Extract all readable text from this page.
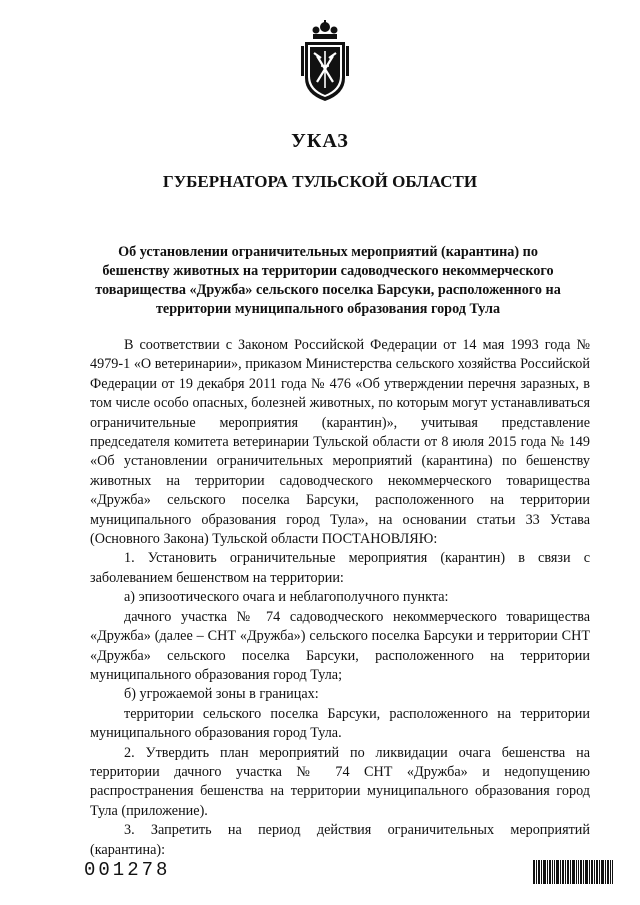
УКАЗ
ГУБЕРНАТОРА ТУЛЬСКОЙ ОБЛАСТИ
Об установлении ограничительных мероприятий (карантина) по бешенству животных на территории садоводческого некоммерческого товарищества «Дружба» сельского поселка Барсуки, расположенного на территории муниципального образования город Тула

В соответствии с Законом Российской Федерации от 14 мая 1993 года № 4979-1 «О ветеринарии», приказом Министерства сельского хозяйства Российской Федерации от 19 декабря 2011 года № 476 «Об утверждении перечня заразных, в том числе особо опасных, болезней животных, по которым могут устанавливаться ограничительные мероприятия (карантин)», учитывая представление председателя комитета ветеринарии Тульской области от 8 июля 2015 года № 149 «Об установлении ограничительных мероприятий (карантина) по бешенству животных на территории садоводческого некоммерческого товарищества «Дружба» сельского поселка Барсуки, расположенного на территории муниципального образования город Тула», на основании статьи 33 Устава (Основного Закона) Тульской области ПОСТАНОВЛЯЮ:

1. Установить ограничительные мероприятия (карантин) в связи с заболеванием бешенством на территории:

а) эпизоотического очага и неблагополучного пункта:

дачного участка № 74 садоводческого некоммерческого товарищества «Дружба» (далее – СНТ «Дружба») сельского поселка Барсуки и территории СНТ «Дружба» сельского поселка Барсуки, расположенного на территории муниципального образования город Тула;

б) угрожаемой зоны в границах:

территории сельского поселка Барсуки, расположенного на территории муниципального образования город Тула.

2. Утвердить план мероприятий по ликвидации очага бешенства на территории дачного участка № 74 СНТ «Дружба» и недопущению распространения бешенства на территории муниципального образования город Тула (приложение).

3. Запретить на период действия ограничительных мероприятий (карантина):

001278
